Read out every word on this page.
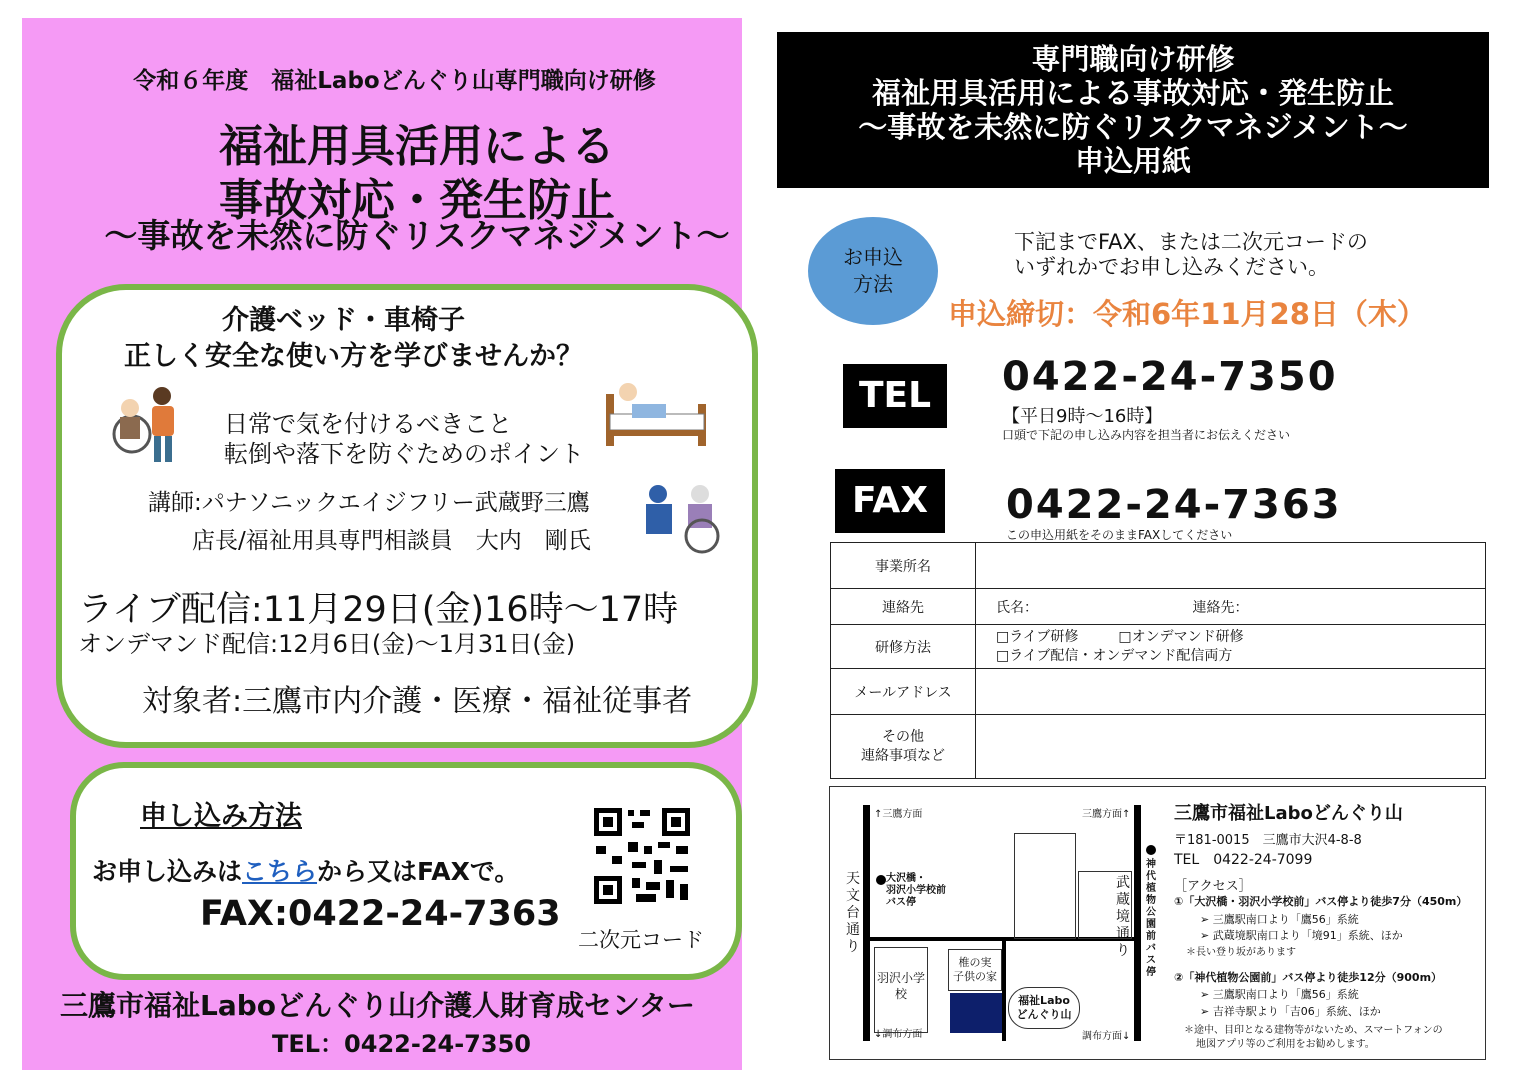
令和６年度　福祉Laboどんぐり山専門職向け研修
福祉用具活用による
事故対応・発生防止
～事故を未然に防ぐリスクマネジメント～
介護ベッド・車椅子
正しく安全な使い方を学びませんか？
日常で気を付けるべきこと
転倒や落下を防ぐためのポイント
講師:パナソニックエイジフリー武蔵野三鷹
店長/福祉用具専門相談員　大内　剛氏
ライブ配信:11月29日(金)16時～17時
オンデマンド配信:12月6日(金)～1月31日(金)
対象者:三鷹市内介護・医療・福祉従事者
申し込み方法
お申し込みはこちらから又はFAXで。
FAX:0422-24-7363
二次元コード
三鷹市福祉Laboどんぐり山介護人財育成センター
TEL：0422-24-7350
専門職向け研修
福祉用具活用による事故対応・発生防止
～事故を未然に防ぐリスクマネジメント～
申込用紙
お申込
方法
下記までFAX、または二次元コードの
いずれかでお申し込みください。
申込締切：令和6年11月28日（木）
TEL	0422-24-7350
【平日9時～16時】
口頭で下記の申し込み内容を担当者にお伝えください
FAX	0422-24-7363
この申込用紙をそのままFAXしてください
事業所名	
連絡先	氏名： 連絡先：
研修方法	□ライブ研修 □オンデマンド研修
□ライブ配信・オンデマンド配信両方

メールアドレス	

その他
連絡事項など	

↑三鷹方面	三鷹方面↑
↓調布方面	調布方面↓
天文台通り
武蔵境通り
大沢橋・
羽沢小学校前
バス停
神代植物公園前バス停
羽沢小学校
椎の実
子供の家
福祉Labo
どんぐり山
三鷹市福祉Laboどんぐり山
〒181-0015　三鷹市大沢4-8-8
TEL　0422-24-7099
［アクセス］
①「大沢橋・羽沢小学校前」バス停より徒歩7分（450m）
➢ 三鷹駅南口より「鷹56」系統
➢ 武蔵境駅南口より「境91」系統、ほか
＊長い登り坂があります
②「神代植物公園前」バス停より徒歩12分（900m）
➢ 三鷹駅南口より「鷹56」系統
➢ 吉祥寺駅より「吉06」系統、ほか
＊途中、目印となる建物等がないため、スマートフォンの
地図アプリ等のご利用をお勧めします。
